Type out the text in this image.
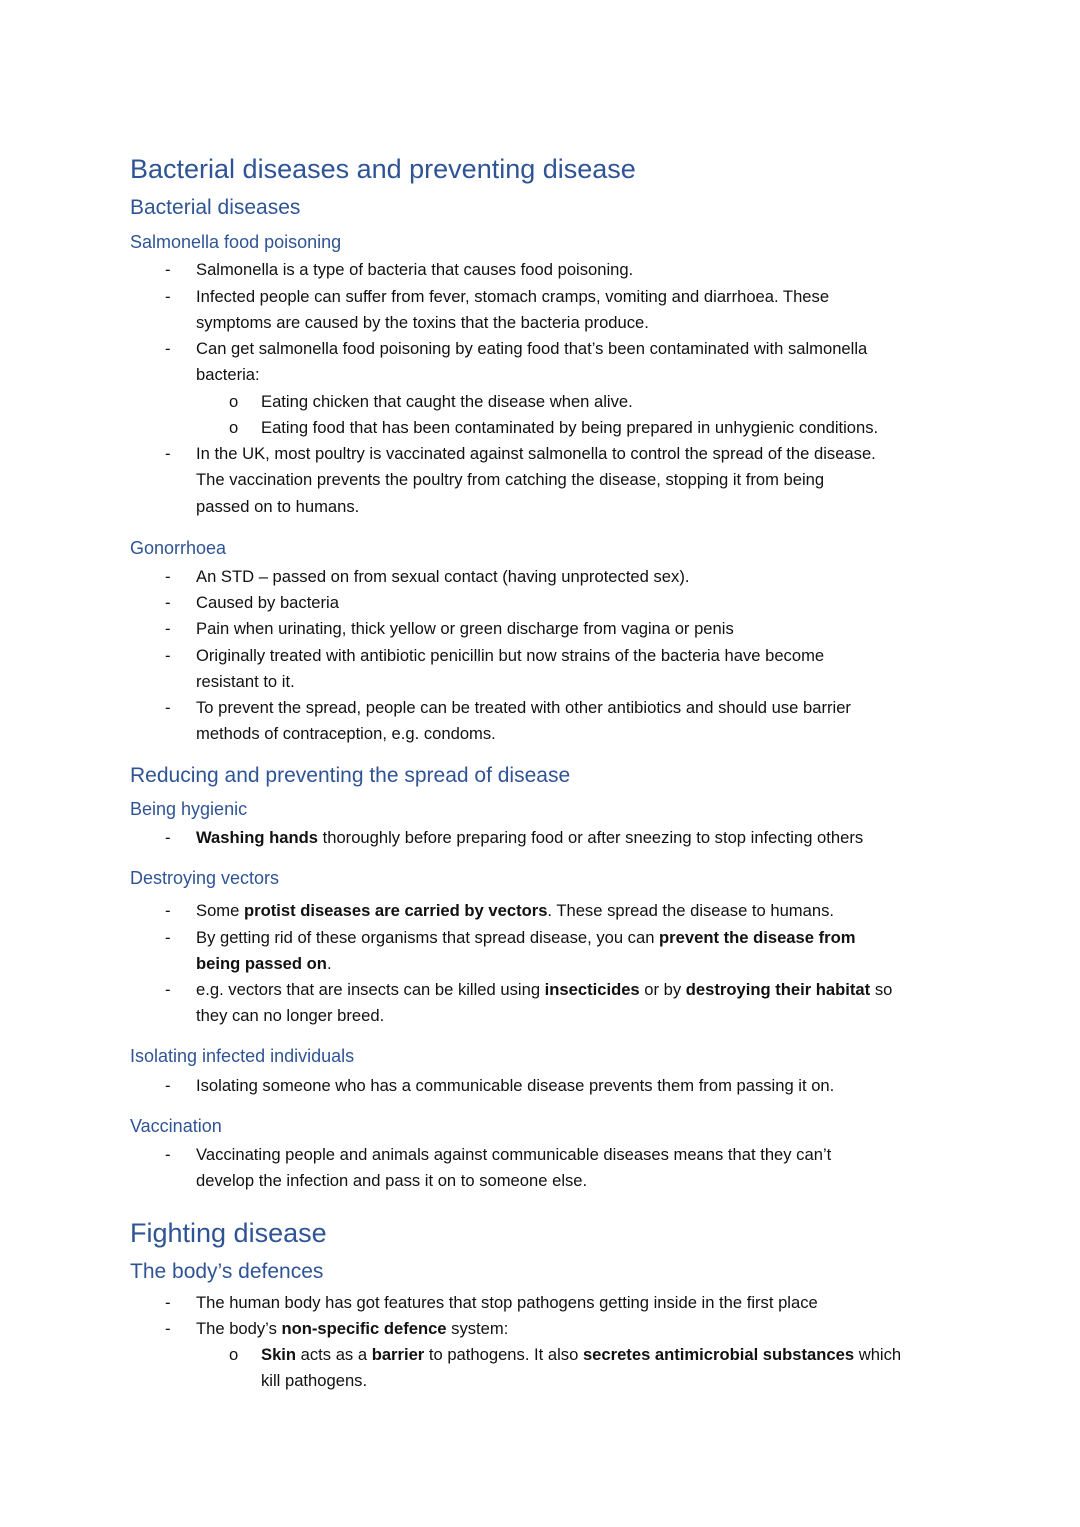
Bacterial diseases and preventing disease
Bacterial diseases
Salmonella food poisoning
- Salmonella is a type of bacteria that causes food poisoning.
- Infected people can suffer from fever, stomach cramps, vomiting and diarrhoea. These
symptoms are caused by the toxins that the bacteria produce.
- Can get salmonella food poisoning by eating food that’s been contaminated with salmonella
bacteria:
o Eating chicken that caught the disease when alive.
o Eating food that has been contaminated by being prepared in unhygienic conditions.
- In the UK, most poultry is vaccinated against salmonella to control the spread of the disease.
The vaccination prevents the poultry from catching the disease, stopping it from being
passed on to humans.
Gonorrhoea
- An STD – passed on from sexual contact (having unprotected sex).
- Caused by bacteria
- Pain when urinating, thick yellow or green discharge from vagina or penis
- Originally treated with antibiotic penicillin but now strains of the bacteria have become
resistant to it.
- To prevent the spread, people can be treated with other antibiotics and should use barrier
methods of contraception, e.g. condoms.
Reducing and preventing the spread of disease
Being hygienic
- Washing hands thoroughly before preparing food or after sneezing to stop infecting others
Destroying vectors
- Some protist diseases are carried by vectors. These spread the disease to humans.
- By getting rid of these organisms that spread disease, you can prevent the disease from
being passed on.
- e.g. vectors that are insects can be killed using insecticides or by destroying their habitat so
they can no longer breed.
Isolating infected individuals
- Isolating someone who has a communicable disease prevents them from passing it on.
Vaccination
- Vaccinating people and animals against communicable diseases means that they can’t
develop the infection and pass it on to someone else.
Fighting disease
The body’s defences
- The human body has got features that stop pathogens getting inside in the first place
- The body’s non-specific defence system:
o Skin acts as a barrier to pathogens. It also secretes antimicrobial substances which
kill pathogens.
